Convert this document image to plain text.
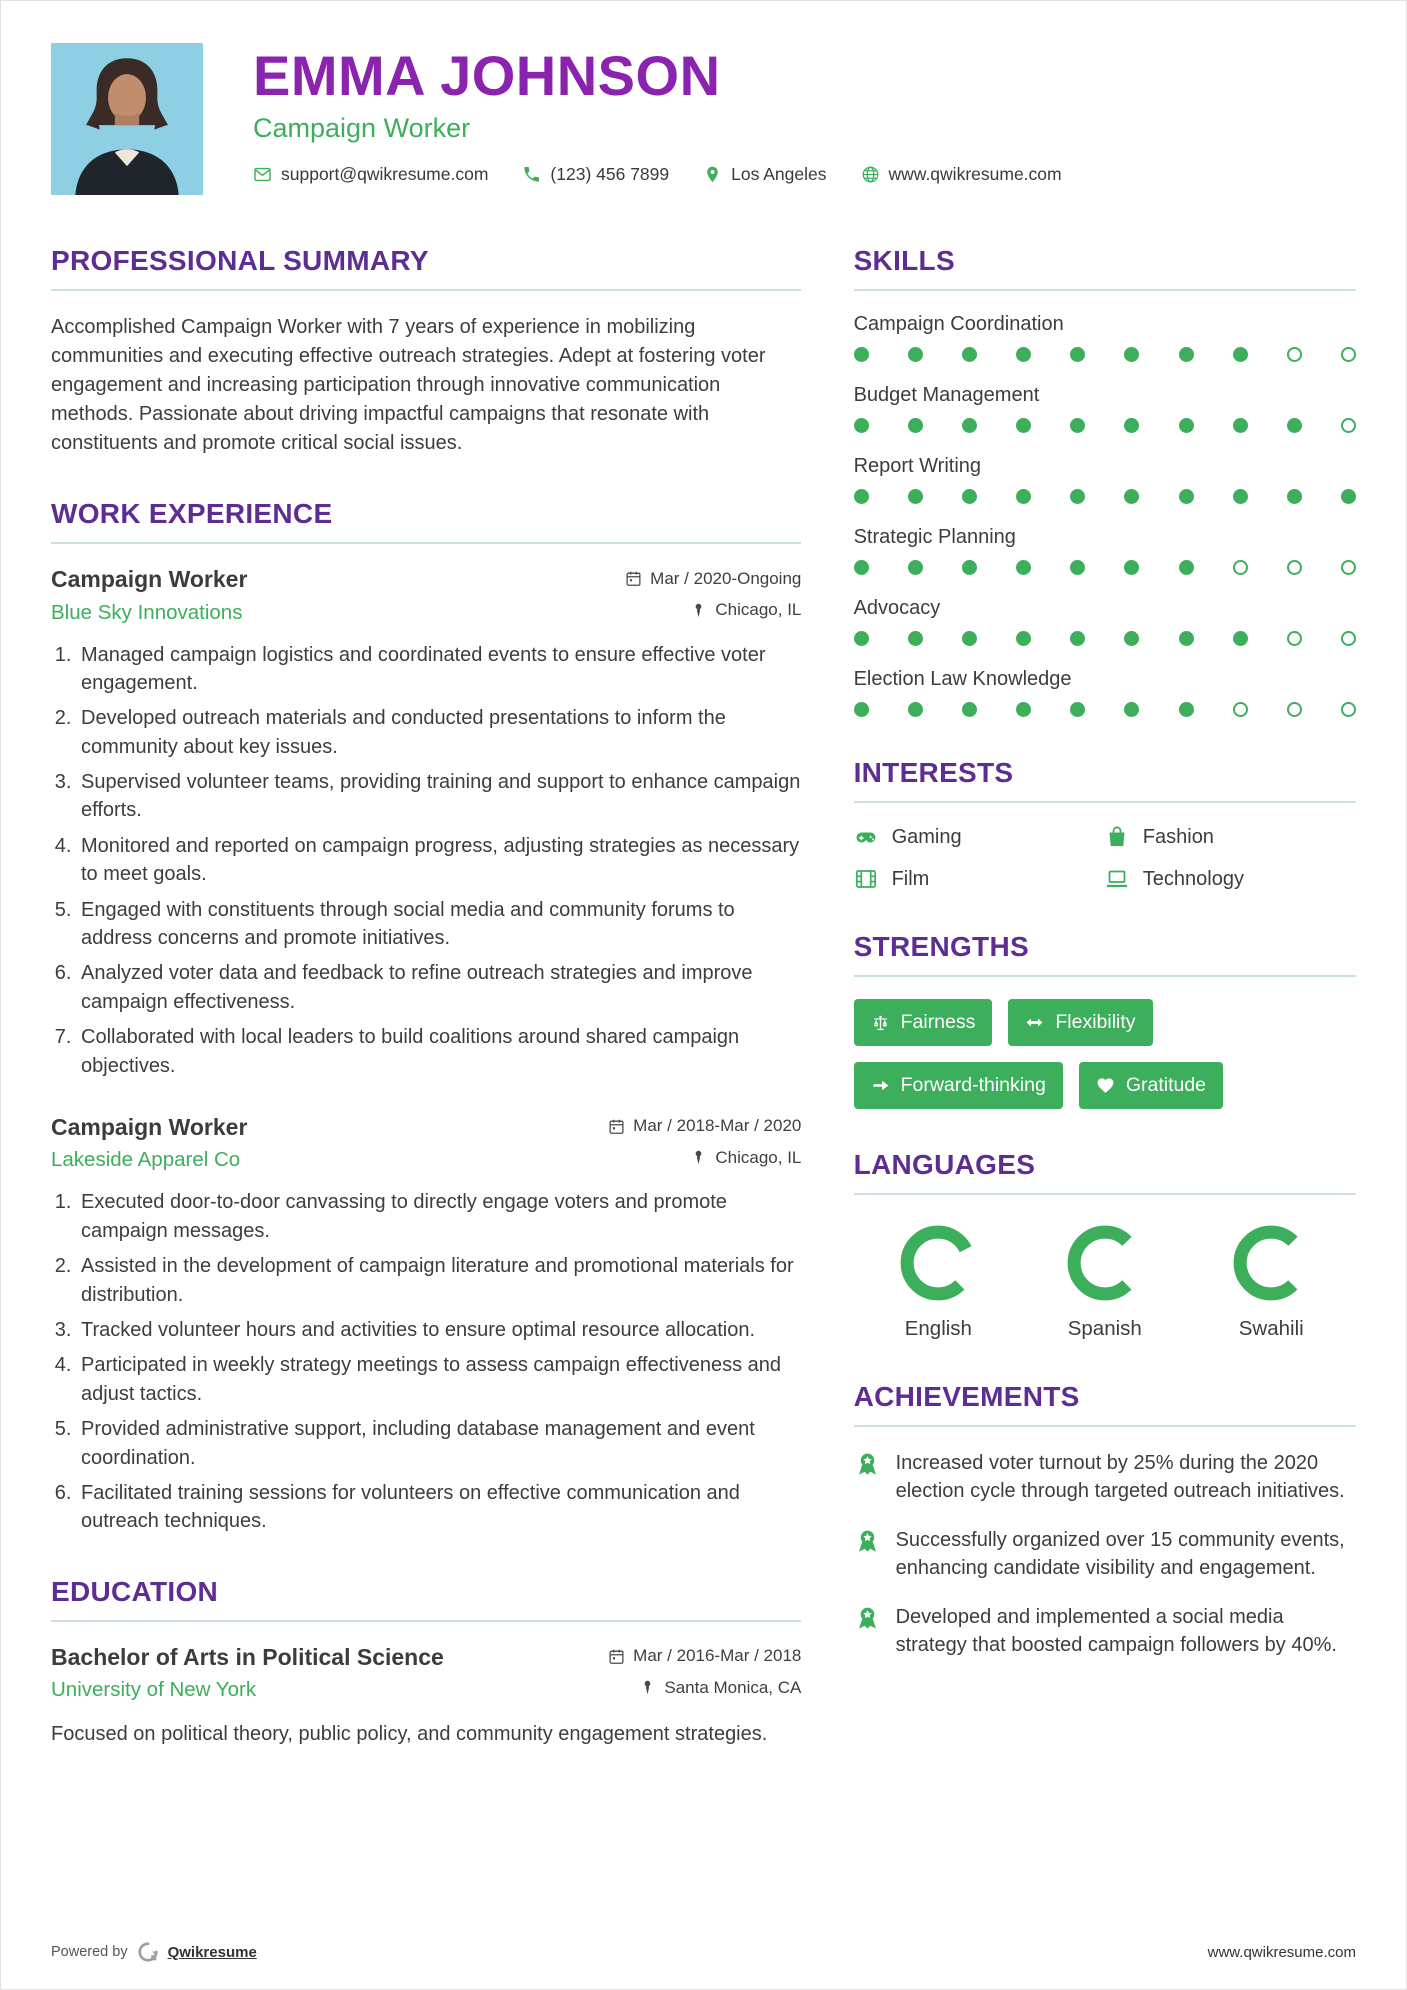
EMMA JOHNSON
Campaign Worker
support@qwikresume.com	(123) 456 7899	Los Angeles	www.qwikresume.com
PROFESSIONAL SUMMARY

Accomplished Campaign Worker with 7 years of experience in mobilizing communities and executing effective outreach strategies. Adept at fostering voter engagement and increasing participation through innovative communication methods. Passionate about driving impactful campaigns that resonate with constituents and promote critical social issues.

WORK EXPERIENCE
Campaign Worker	Mar / 2020-Ongoing
Blue Sky Innovations	Chicago, IL
1. Managed campaign logistics and coordinated events to ensure effective voter engagement.
2. Developed outreach materials and conducted presentations to inform the community about key issues.
3. Supervised volunteer teams, providing training and support to enhance campaign efforts.
4. Monitored and reported on campaign progress, adjusting strategies as necessary to meet goals.
5. Engaged with constituents through social media and community forums to address concerns and promote initiatives.
6. Analyzed voter data and feedback to refine outreach strategies and improve campaign effectiveness.
7. Collaborated with local leaders to build coalitions around shared campaign objectives.
Campaign Worker	Mar / 2018-Mar / 2020
Lakeside Apparel Co	Chicago, IL
1. Executed door-to-door canvassing to directly engage voters and promote campaign messages.
2. Assisted in the development of campaign literature and promotional materials for distribution.
3. Tracked volunteer hours and activities to ensure optimal resource allocation.
4. Participated in weekly strategy meetings to assess campaign effectiveness and adjust tactics.
5. Provided administrative support, including database management and event coordination.
6. Facilitated training sessions for volunteers on effective communication and outreach techniques.
EDUCATION
Bachelor of Arts in Political Science	Mar / 2016-Mar / 2018
University of New York	Santa Monica, CA

Focused on political theory, public policy, and community engagement strategies.

SKILLS
Campaign Coordination
Budget Management
Report Writing
Strategic Planning
Advocacy
Election Law Knowledge
INTERESTS
Gaming	Fashion
Film	Technology
STRENGTHS
Fairness	Flexibility
Forward-thinking	Gratitude
LANGUAGES
English	Spanish	Swahili
ACHIEVEMENTS
Increased voter turnout by 25% during the 2020 election cycle through targeted outreach initiatives.
Successfully organized over 15 community events, enhancing candidate visibility and engagement.
Developed and implemented a social media strategy that boosted campaign followers by 40%.
Powered by	Qwikresume	www.qwikresume.com
